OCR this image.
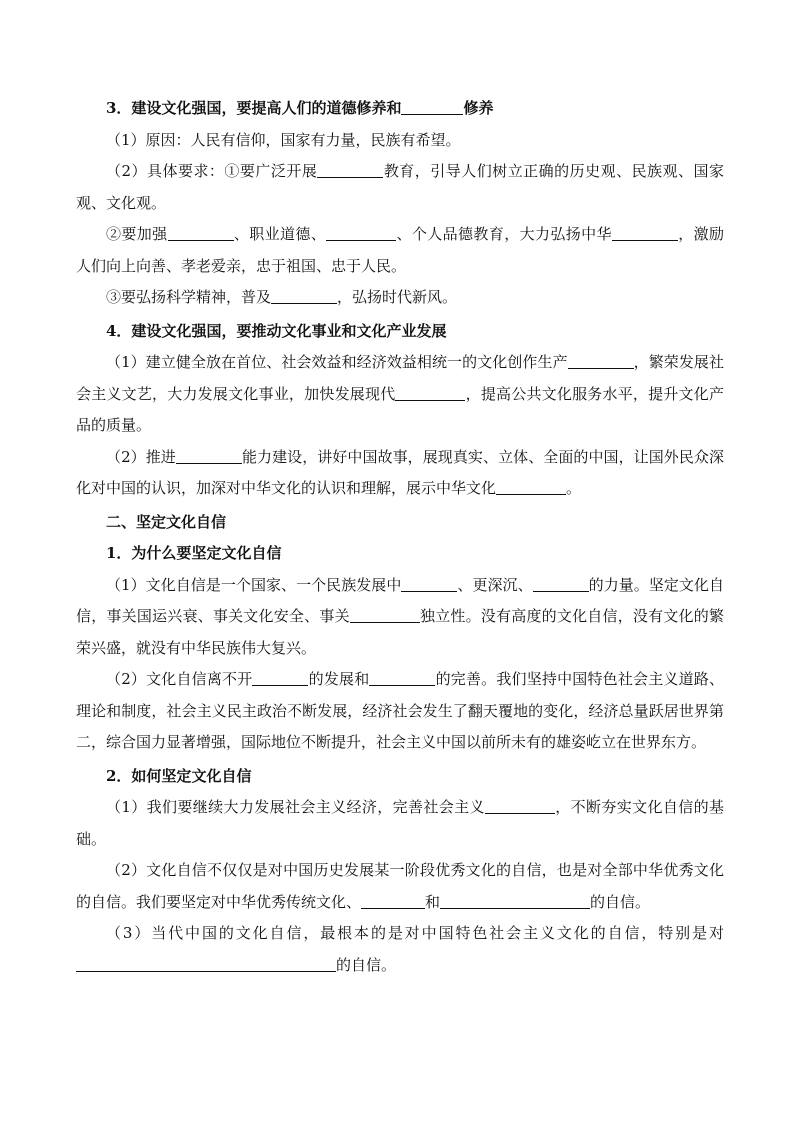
3．建设文化强国，要提高人们的道德修养和	修养

（1）原因：人民有信仰，国家有力量，民族有希望。

（2）具体要求：①要广泛开展	教育，引导人们树立正确的历史观、民族观、国家观、文化观。

②要加强	、职业道德、	、个人品德教育，大力弘扬中华	，激励人们向上向善、孝老爱亲，忠于祖国、忠于人民。

③要弘扬科学精神，普及	，弘扬时代新风。

4．建设文化强国，要推动文化事业和文化产业发展

（1）建立健全放在首位、社会效益和经济效益相统一的文化创作生产	，繁荣发展社会主义文艺，大力发展文化事业，加快发展现代	，提高公共文化服务水平，提升文化产品的质量。

（2）推进	能力建设，讲好中国故事，展现真实、立体、全面的中国，让国外民众深化对中国的认识，加深对中华文化的认识和理解，展示中华文化	。

二、坚定文化自信

1．为什么要坚定文化自信

（1）文化自信是一个国家、一个民族发展中	、更深沉、	的力量。坚定文化自信，事关国运兴衰、事关文化安全、事关	独立性。没有高度的文化自信，没有文化的繁荣兴盛，就没有中华民族伟大复兴。

（2）文化自信离不开	的发展和	的完善。我们坚持中国特色社会主义道路、理论和制度，社会主义民主政治不断发展，经济社会发生了翻天覆地的变化，经济总量跃居世界第二，综合国力显著增强，国际地位不断提升，社会主义中国以前所未有的雄姿屹立在世界东方。

2．如何坚定文化自信

（1）我们要继续大力发展社会主义经济，完善社会主义	，不断夯实文化自信的基础。

（2）文化自信不仅仅是对中国历史发展某一阶段优秀文化的自信，也是对全部中华优秀文化的自信。我们要坚定对中华优秀传统文化、	和	的自信。

（3）当代中国的文化自信，最根本的是对中国特色社会主义文化的自信，特别是对的自信。
